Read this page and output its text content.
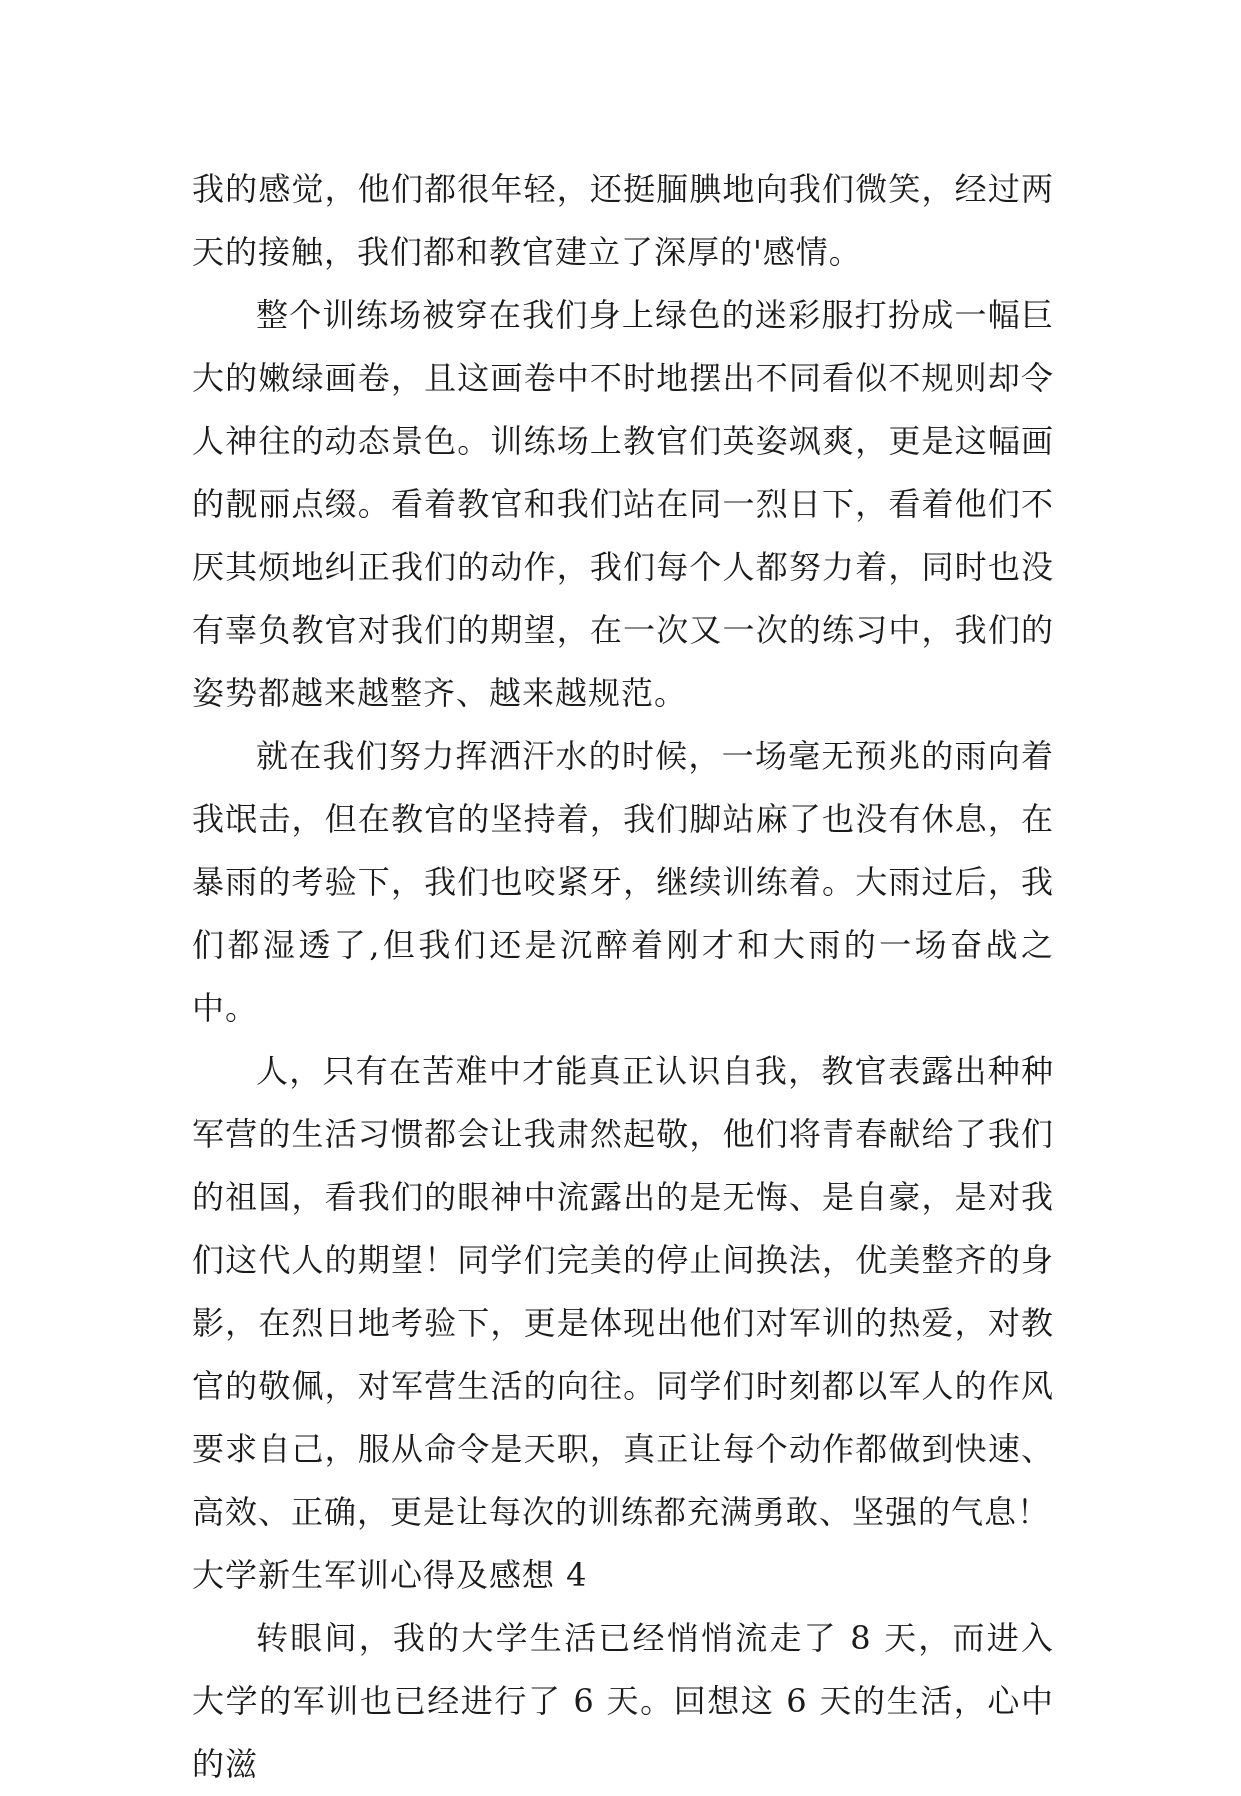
我的感觉，他们都很年轻，还挺腼腆地向我们微笑，经过两天的接触，我们都和教官建立了深厚的'感情。

整个训练场被穿在我们身上绿色的迷彩服打扮成一幅巨大的嫩绿画卷，且这画卷中不时地摆出不同看似不规则却令人神往的动态景色。训练场上教官们英姿飒爽，更是这幅画的靓丽点缀。看着教官和我们站在同一烈日下，看着他们不厌其烦地纠正我们的动作，我们每个人都努力着，同时也没有辜负教官对我们的期望，在一次又一次的练习中，我们的姿势都越来越整齐、越来越规范。

就在我们努力挥洒汗水的时候，一场毫无预兆的雨向着我氓击，但在教官的坚持着，我们脚站麻了也没有休息，在暴雨的考验下，我们也咬紧牙，继续训练着。大雨过后，我们都湿透了,但我们还是沉醉着刚才和大雨的一场奋战之中。

人，只有在苦难中才能真正认识自我，教官表露出种种军营的生活习惯都会让我肃然起敬，他们将青春献给了我们的祖国，看我们的眼神中流露出的是无悔、是自豪，是对我们这代人的期望！同学们完美的停止间换法，优美整齐的身影，在烈日地考验下，更是体现出他们对军训的热爱，对教官的敬佩，对军营生活的向往。同学们时刻都以军人的作风要求自己，服从命令是天职，真正让每个动作都做到快速、高效、正确，更是让每次的训练都充满勇敢、坚强的气息！

大学新生军训心得及感想 4

转眼间，我的大学生活已经悄悄流走了 8 天，而进入大学的军训也已经进行了 6 天。回想这 6 天的生活，心中的滋
